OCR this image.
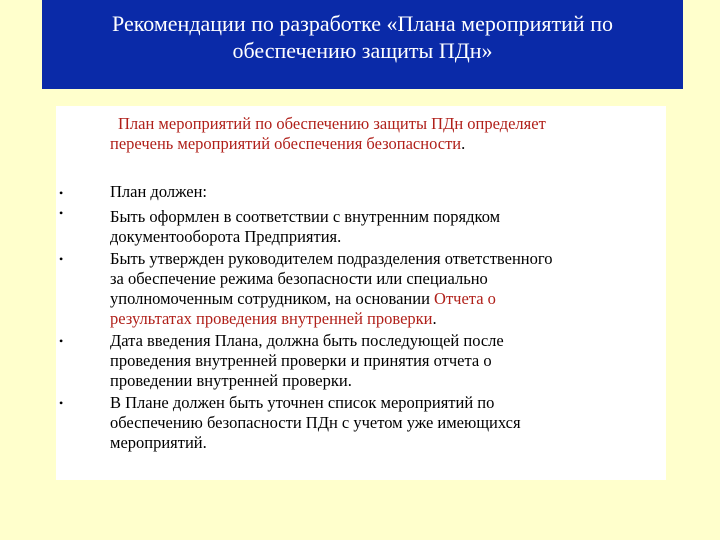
Рекомендации по разработке «Плана мероприятий по
обеспечению защиты ПДн»
План мероприятий по обеспечению защиты ПДн определяет
перечень мероприятий обеспечения безопасности.
•
•
•
•
•
План должен:
Быть оформлен в соответствии с внутренним порядком
документооборота Предприятия.
Быть утвержден руководителем подразделения ответственного
за обеспечение режима безопасности или специально
уполномоченным сотрудником, на основании Отчета о
результатах проведения внутренней проверки.
Дата введения Плана, должна быть последующей после
проведения внутренней проверки и принятия отчета о
проведении внутренней проверки.
В Плане должен быть уточнен список мероприятий по
обеспечению безопасности ПДн с учетом уже имеющихся
мероприятий.
